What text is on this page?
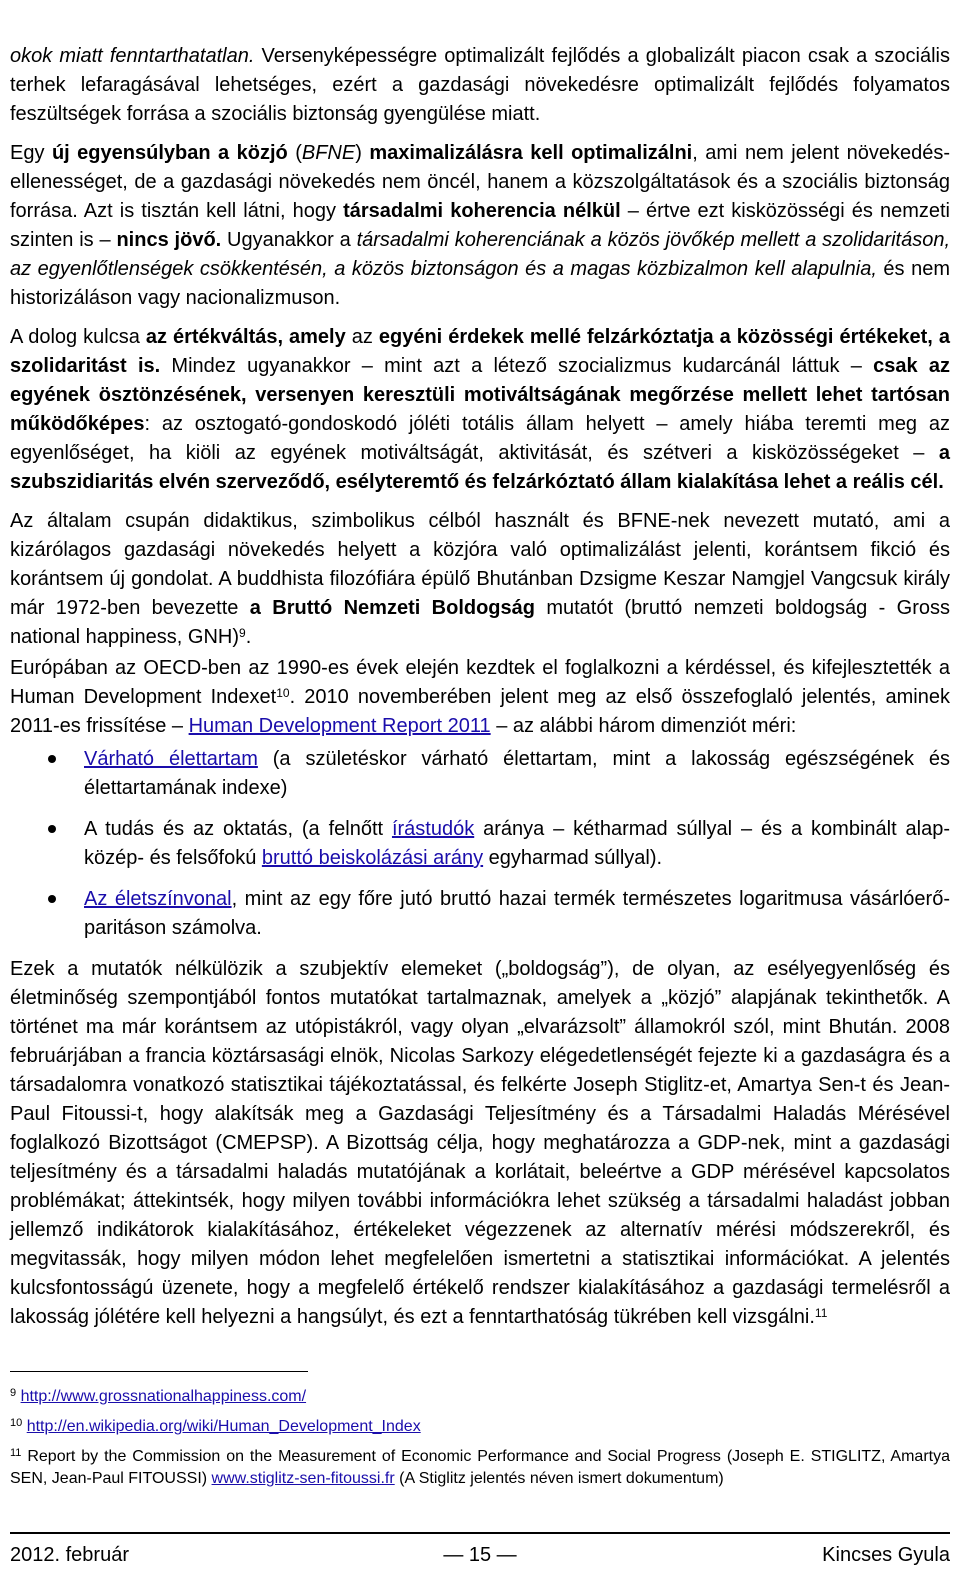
okok miatt fenntarthatatlan. Versenyképességre optimalizált fejlődés a globalizált piacon csak a szociális terhek lefaragásával lehetséges, ezért a gazdasági növekedésre optimalizált fejlődés folyamatos feszültségek forrása a szociális biztonság gyengülése miatt.

Egy új egyensúlyban a közjó (BFNE) maximalizálásra kell optimalizálni, ami nem jelent növekedés-ellenességet, de a gazdasági növekedés nem öncél, hanem a közszolgáltatások és a szociális biztonság forrása. Azt is tisztán kell látni, hogy társadalmi koherencia nélkül – értve ezt kisközösségi és nemzeti szinten is – nincs jövő. Ugyanakkor a társadalmi koherenciának a közös jövőkép mellett a szolidaritáson, az egyenlőtlenségek csökkentésén, a közös biztonságon és a magas közbizalmon kell alapulnia, és nem historizáláson vagy nacionalizmuson.

A dolog kulcsa az értékváltás, amely az egyéni érdekek mellé felzárkóztatja a közösségi értékeket, a szolidaritást is. Mindez ugyanakkor – mint azt a létező szocializmus kudarcánál láttuk – csak az egyének ösztönzésének, versenyen keresztüli motiváltságának megőrzése mellett lehet tartósan működőképes: az osztogató-gondoskodó jóléti totális állam helyett – amely hiába teremti meg az egyenlőséget, ha kiöli az egyének motiváltságát, aktivitását, és szétveri a kisközösségeket – a szubszidiaritás elvén szerveződő, esélyteremtő és felzárkóztató állam kialakítása lehet a reális cél.

Az általam csupán didaktikus, szimbolikus célból használt és BFNE-nek nevezett mutató, ami a kizárólagos gazdasági növekedés helyett a közjóra való optimalizálást jelenti, korántsem fikció és korántsem új gondolat. A buddhista filozófiára épülő Bhutánban Dzsigme Keszar Namgjel Vangcsuk király már 1972-ben bevezette a Bruttó Nemzeti Boldogság mutatót (bruttó nemzeti boldogság - Gross national happiness, GNH)$^9$.

Európában az OECD-ben az 1990-es évek elején kezdtek el foglalkozni a kérdéssel, és kifejlesztették a Human Development Indexet$^{10}$. 2010 novemberében jelent meg az első összefoglaló jelentés, aminek 2011-es frissítése – Human Development Report 2011 – az alábbi három dimenziót méri:

Várható élettartam (a születéskor várható élettartam, mint a lakosság egészségének és élettartamának indexe)
A tudás és az oktatás, (a felnőtt írástudók aránya – kétharmad súllyal – és a kombinált alap-közép- és felsőfokú bruttó beiskolázási arány egyharmad súllyal).
Az életszínvonal, mint az egy főre jutó bruttó hazai termék természetes logaritmusa vásárlóerő-paritáson számolva.

Ezek a mutatók nélkülözik a szubjektív elemeket („boldogság”), de olyan, az esélyegyenlőség és életminőség szempontjából fontos mutatókat tartalmaznak, amelyek a „közjó” alapjának tekinthetők. A történet ma már korántsem az utópistákról, vagy olyan „elvarázsolt” államokról szól, mint Bhután. 2008 februárjában a francia köztársasági elnök, Nicolas Sarkozy elégedetlenségét fejezte ki a gazdaságra és a társadalomra vonatkozó statisztikai tájékoztatással, és felkérte Joseph Stiglitz-et, Amartya Sen-t és Jean-Paul Fitoussi-t, hogy alakítsák meg a Gazdasági Teljesítmény és a Társadalmi Haladás Mérésével foglalkozó Bizottságot (CMEPSP). A Bizottság célja, hogy meghatározza a GDP-nek, mint a gazdasági teljesítmény és a társadalmi haladás mutatójának a korlátait, beleértve a GDP mérésével kapcsolatos problémákat; áttekintsék, hogy milyen további információkra lehet szükség a társadalmi haladást jobban jellemző indikátorok kialakításához, értékeleket végezzenek az alternatív mérési módszerekről, és megvitassák, hogy milyen módon lehet megfelelően ismertetni a statisztikai információkat. A jelentés kulcsfontosságú üzenete, hogy a megfelelő értékelő rendszer kialakításához a gazdasági termelésről a lakosság jólétére kell helyezni a hangsúlyt, és ezt a fenntarthatóság tükrében kell vizsgálni.$^{11}$

$^9$ http://www.grossnationalhappiness.com/

$^{10}$ http://en.wikipedia.org/wiki/Human_Development_Index

$^{11}$ Report by the Commission on the Measurement of Economic Performance and Social Progress (Joseph E. STIGLITZ, Amartya SEN, Jean-Paul FITOUSSI) www.stiglitz-sen-fitoussi.fr (A Stiglitz jelentés néven ismert dokumentum)

2012. február	— 15 —	Kincses Gyula
